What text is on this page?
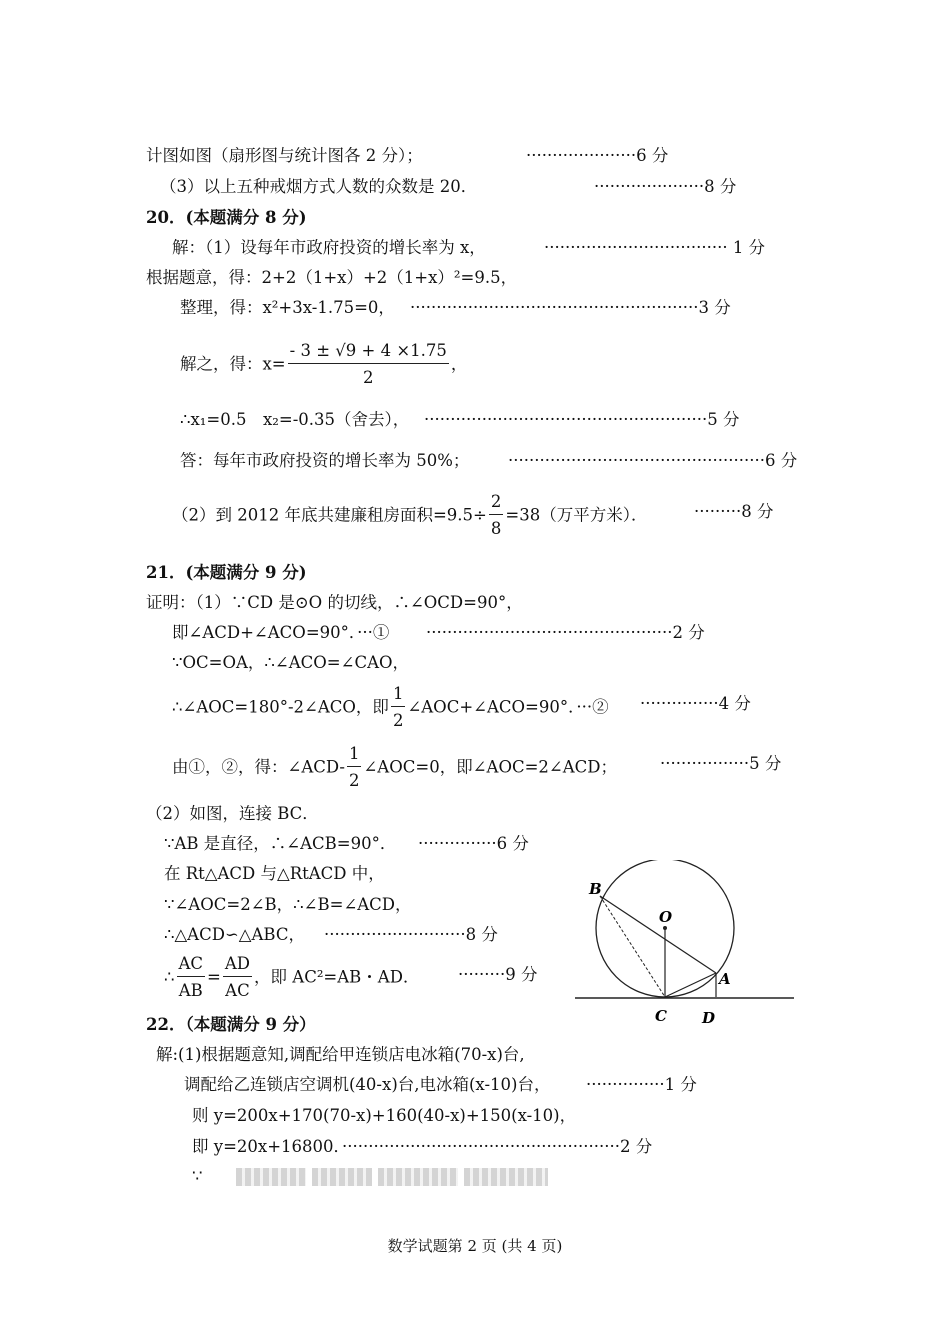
计图如图（扇形图与统计图各 2 分）；	·····················6 分
（3）以上五种戒烟方式人数的众数是 20．	·····················8 分
20．(本题满分 8 分)
解：（1）设每年市政府投资的增长率为 x，	··································· 1 分
根据题意，得：2+2（1+x）+2（1+x）²=9.5，
整理，得：x²+3x-1.75=0， ·······················································3 分
解之，得：$x= \frac{- 3 \pm √9 + 4 \times 1.75}{2}$ ，
∴x₁=0.5　x₂=-0.35（舍去）， ······················································5 分
答：每年市政府投资的增长率为 50%； ·················································6 分
（2）到 2012 年底共建廉租房面积$=9.5\div \frac{2}{8} =38$（万平方米）．	·········8 分
21．(本题满分 9 分)
证明：（1）∵CD 是⊙O 的切线，∴∠OCD=90°，
即∠ACD+∠ACO=90°．···① ···············································2 分
∵OC=OA，∴∠ACO=∠CAO，
∴∠AOC=180°-2∠ACO，即 $\frac{1}{2}$ ∠AOC+∠ACO=90°．···② ···············4 分
由①，②，得：∠ACD- $\frac{1}{2}$ ∠AOC=0，即∠AOC=2∠ACD；	·················5 分
（2）如图，连接 BC．
∵AB 是直径，∴∠ACB=90°． ···············6 分
在 Rt△ACD 与△RtACD 中，
∵∠AOC=2∠B，∴∠B=∠ACD，
∴△ACD∽△ABC， ···························8 分
∴ $\frac{AC}{AB} = \frac{AD}{AC}$ ，即 AC²=AB・AD． ·········9 分
B
O
A
C D
22．（本题满分 9 分）
解:(1)根据题意知,调配给甲连锁店电冰箱(70-x)台,
调配给乙连锁店空调机(40-x)台,电冰箱(x-10)台， ···············1 分
则 y=200x+170(70-x)+160(40-x)+150(x-10)，
即 y=20x+16800．
·····················································2 分
∵
数学试题第 2 页 (共 4 页)
